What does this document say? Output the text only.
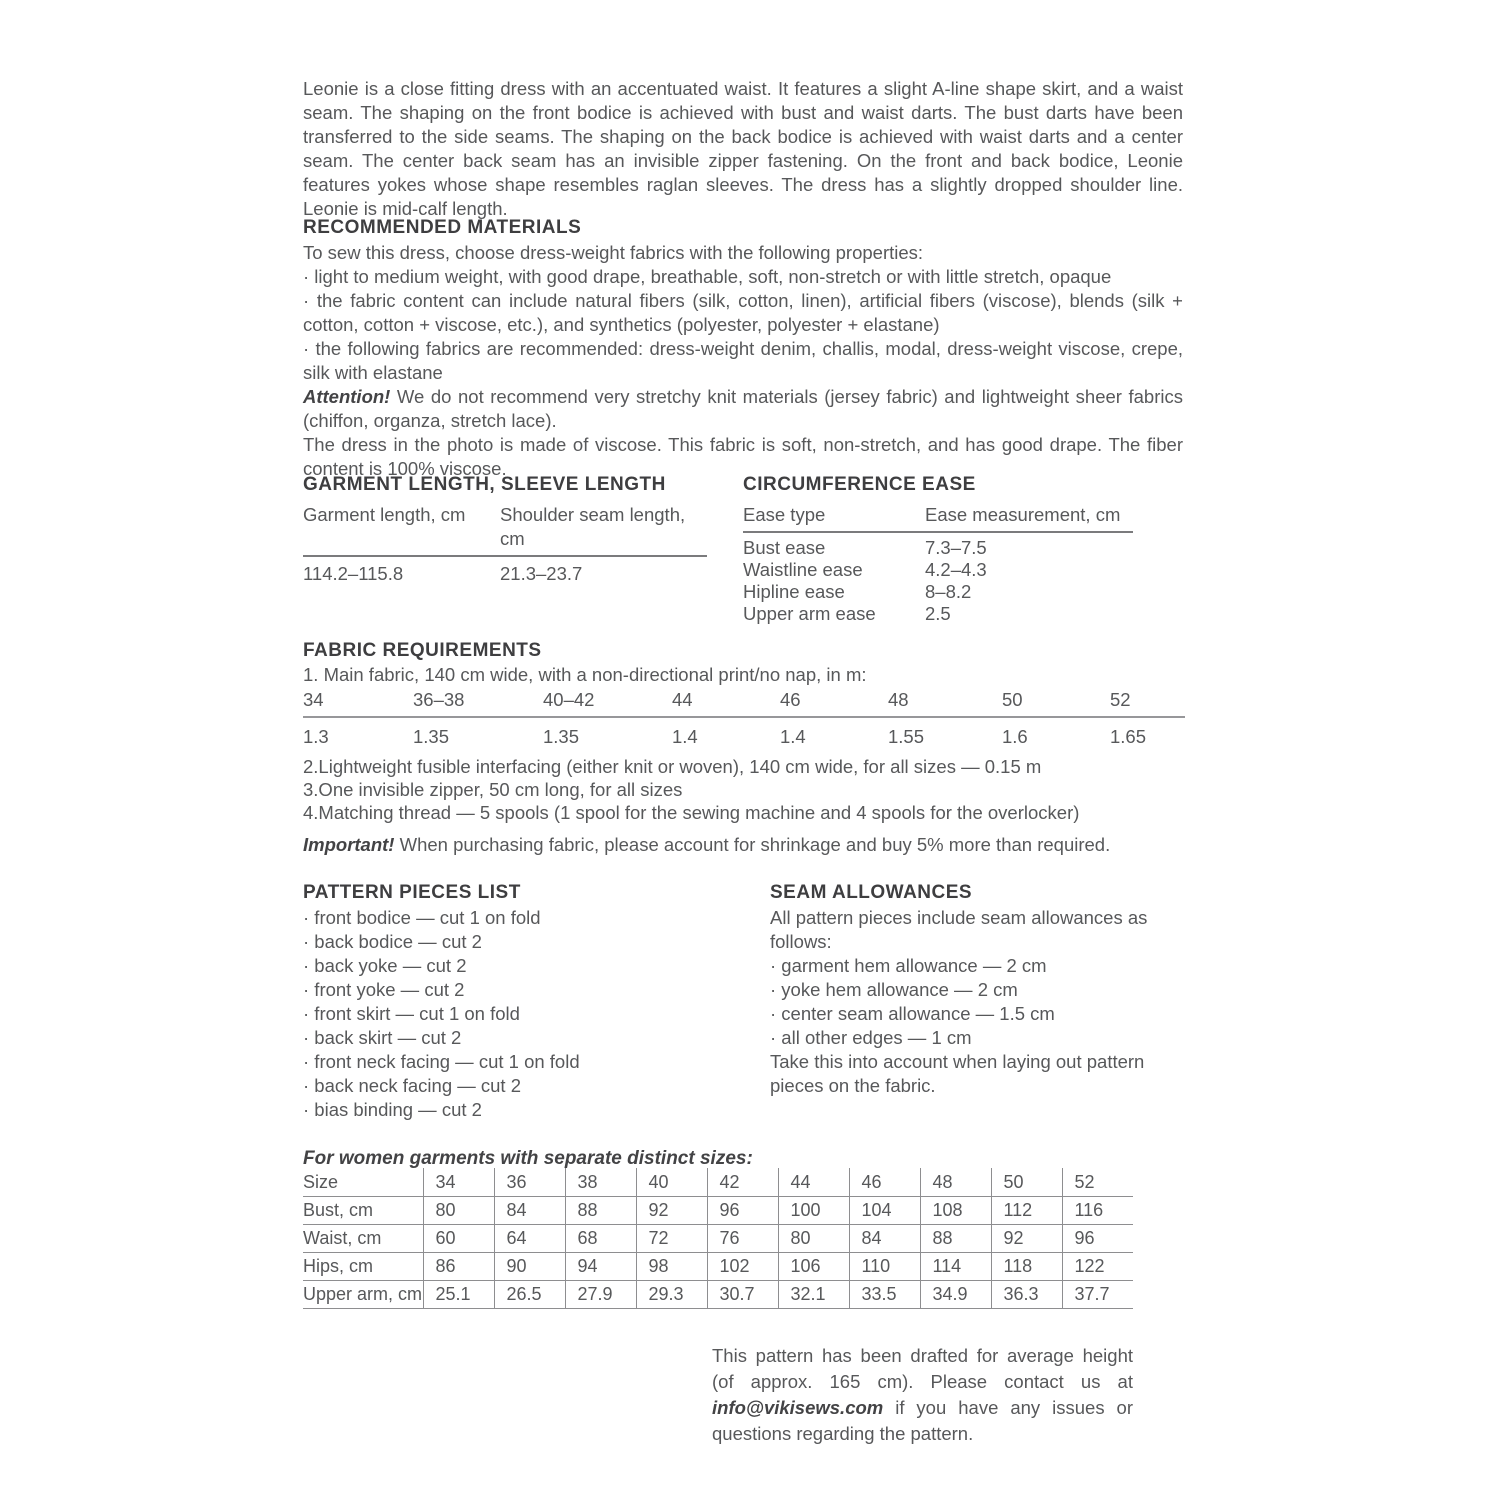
Leonie is a close fitting dress with an accentuated waist. It features a slight A-line shape skirt, and a waist seam. The shaping on the front bodice is achieved with bust and waist darts. The bust darts have been transferred to the side seams. The shaping on the back bodice is achieved with waist darts and a center seam. The center back seam has an invisible zipper fastening. On the front and back bodice, Leonie features yokes whose shape resembles raglan sleeves. The dress has a slightly dropped shoulder line. Leonie is mid-calf length.
RECOMMENDED MATERIALS
To sew this dress, choose dress-weight fabrics with the following properties:
· light to medium weight, with good drape, breathable, soft, non-stretch or with little stretch, opaque
· the fabric content can include natural fibers (silk, cotton, linen), artificial fibers (viscose), blends (silk + cotton, cotton + viscose, etc.), and synthetics (polyester, polyester + elastane)
· the following fabrics are recommended: dress-weight denim, challis, modal, dress-weight viscose, crepe, silk with elastane
Attention! We do not recommend very stretchy knit materials (jersey fabric) and lightweight sheer fabrics (chiffon, organza, stretch lace).
The dress in the photo is made of viscose. This fabric is soft, non-stretch, and has good drape. The fiber content is 100% viscose.
GARMENT LENGTH, SLEEVE LENGTH
Garment length, cm	Shoulder seam length, cm
114.2–115.8	21.3–23.7
CIRCUMFERENCE EASE
Ease type	Ease measurement, cm
Bust ease	7.3–7.5
Waistline ease	4.2–4.3
Hipline ease	8–8.2
Upper arm ease	2.5
FABRIC REQUIREMENTS
1. Main fabric, 140 cm wide, with a non-directional print/no nap, in m:
34	36–38	40–42	44	46	48	50	52
1.3	1.35	1.35	1.4	1.4	1.55	1.6	1.65
2.Lightweight fusible interfacing (either knit or woven), 140 cm wide, for all sizes — 0.15 m
3.One invisible zipper, 50 cm long, for all sizes
4.Matching thread — 5 spools (1 spool for the sewing machine and 4 spools for the overlocker)
Important! When purchasing fabric, please account for shrinkage and buy 5% more than required.
PATTERN PIECES LIST
· front bodice — cut 1 on fold
· back bodice — cut 2
· back yoke — cut 2
· front yoke — cut 2
· front skirt — cut 1 on fold
· back skirt — cut 2
· front neck facing — cut 1 on fold
· back neck facing — cut 2
· bias binding — cut 2
SEAM ALLOWANCES
All pattern pieces include seam allowances as follows:
· garment hem allowance — 2 cm
· yoke hem allowance — 2 cm
· center seam allowance — 1.5 cm
· all other edges — 1 cm
Take this into account when laying out pattern pieces on the fabric.
For women garments with separate distinct sizes:
Size	34	36	38	40	42	44	46	48	50	52
Bust, cm	80	84	88	92	96	100	104	108	112	116
Waist, cm	60	64	68	72	76	80	84	88	92	96
Hips, cm	86	90	94	98	102	106	110	114	118	122
Upper arm, cm	25.1	26.5	27.9	29.3	30.7	32.1	33.5	34.9	36.3	37.7
This pattern has been drafted for average height (of approx. 165 cm). Please contact us at info@vikisews.com if you have any issues or questions regarding the pattern.
